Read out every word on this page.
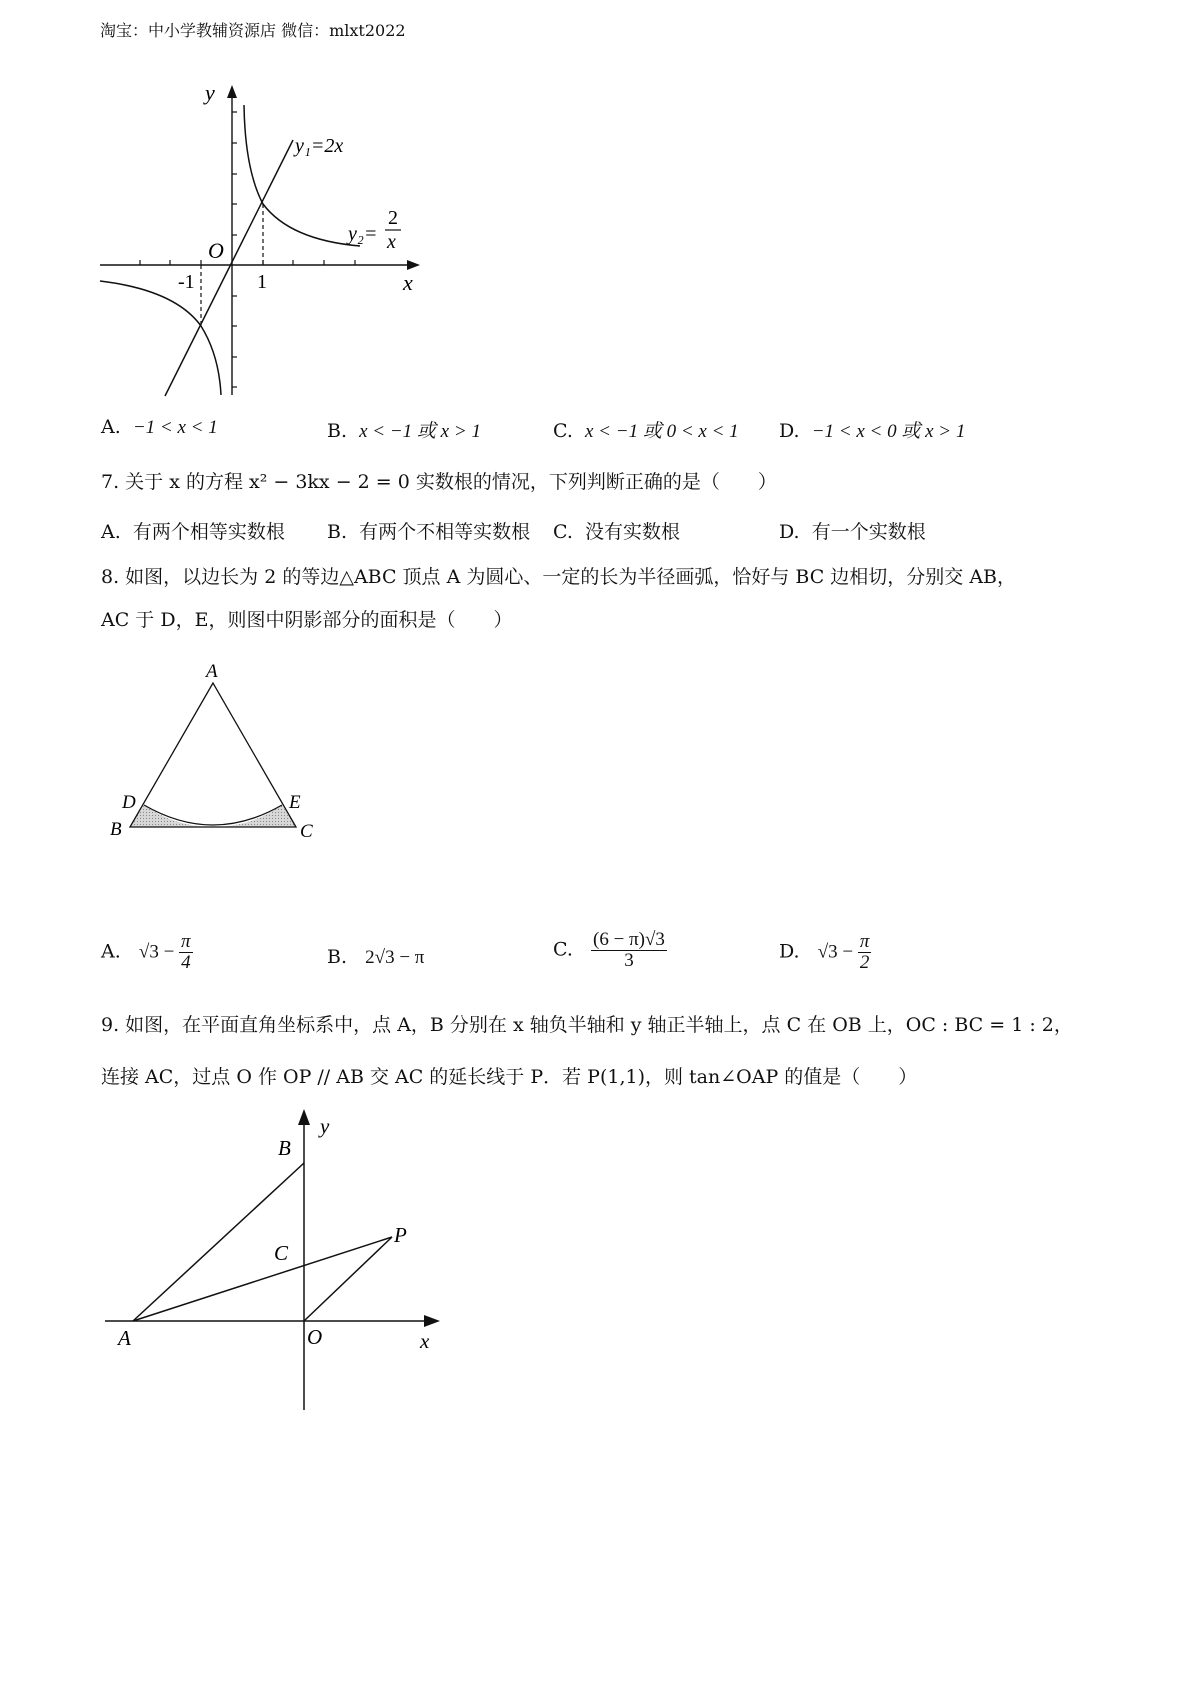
淘宝：中小学教辅资源店 微信：mlxt2022
y
x
O
-1	1
y₁=2x
y₂=
2
x
A. −1 < x < 1	B. x < −1 或 x > 1	C. x < −1 或 0 < x < 1 D. −1 < x < 0 或 x > 1
7. 关于 x 的方程 x² − 3kx − 2 = 0 实数根的情况，下列判断正确的是（　　）
A. 有两个相等实数根 B. 有两个不相等实数根 C. 没有实数根	D. 有一个实数根
8. 如图，以边长为 2 的等边△ABC 顶点 A 为圆心、一定的长为半径画弧，恰好与 BC 边相切，分别交 AB，
AC 于 D，E，则图中阴影部分的面积是（　　）
A
B	C
D	E
A. $√3 - \frac{\pi}{4}$	B. 2√3 − π	C. $\frac{(6 - \pi)√3}{3}$	D. $√3 - \frac{\pi}{2}$
9. 如图，在平面直角坐标系中，点 A，B 分别在 x 轴负半轴和 y 轴正半轴上，点 C 在 OB 上，OC : BC = 1 : 2，
连接 AC，过点 O 作 OP // AB 交 AC 的延长线于 P．若 P(1,1)，则 tan∠OAP 的值是（　　）
A
B
C
P
O	x
y
